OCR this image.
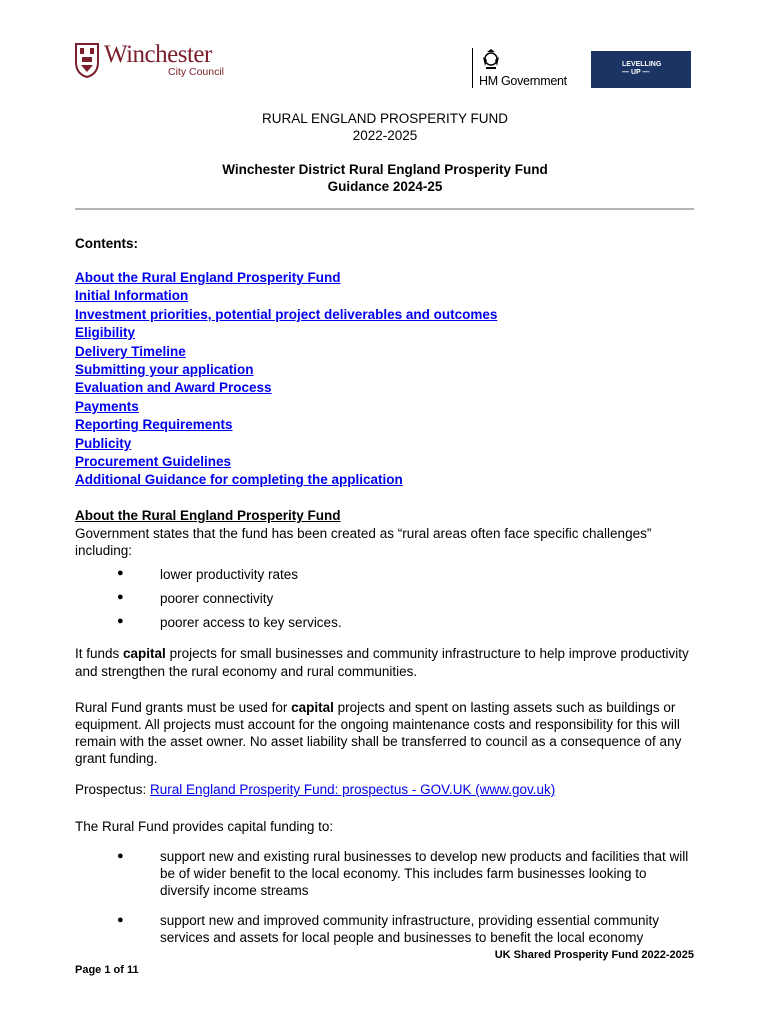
Winchester
City Council
HM Government
LEVELLING
— UP —
RURAL ENGLAND PROSPERITY FUND
2022-2025
Winchester District Rural England Prosperity Fund
Guidance 2024-25
Contents:
About the Rural England Prosperity Fund
Initial Information
Investment priorities, potential project deliverables and outcomes
Eligibility
Delivery Timeline
Submitting your application
Evaluation and Award Process
Payments
Reporting Requirements
Publicity
Procurement Guidelines
Additional Guidance for completing the application
About the Rural England Prosperity Fund
Government states that the fund has been created as “rural areas often face specific challenges” including:
●	lower productivity rates
●	poorer connectivity
●	poorer access to key services.
It funds capital projects for small businesses and community infrastructure to help improve productivity and strengthen the rural economy and rural communities.
Rural Fund grants must be used for capital projects and spent on lasting assets such as buildings or equipment. All projects must account for the ongoing maintenance costs and responsibility for this will remain with the asset owner. No asset liability shall be transferred to council as a consequence of any grant funding.
Prospectus: Rural England Prosperity Fund: prospectus - GOV.UK (www.gov.uk)
The Rural Fund provides capital funding to:
●	support new and existing rural businesses to develop new products and facilities that will be of wider benefit to the local economy. This includes farm businesses looking to diversify income streams
●	support new and improved community infrastructure, providing essential community services and assets for local people and businesses to benefit the local economy
UK Shared Prosperity Fund 2022-2025
Page 1 of 11
